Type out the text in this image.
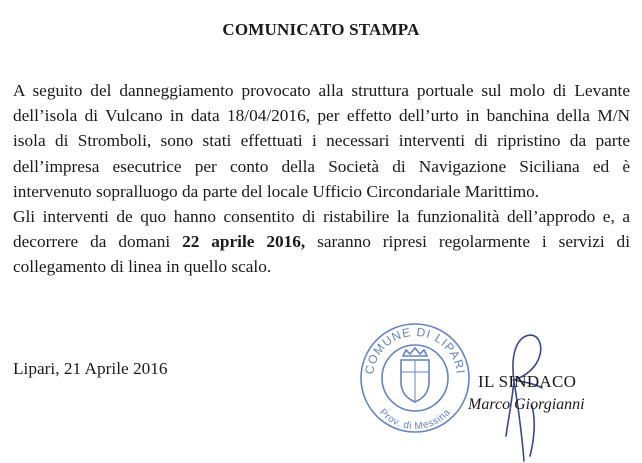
COMUNICATO STAMPA
A seguito del danneggiamento provocato alla struttura portuale sul molo di Levante
dell’isola di Vulcano in data 18/04/2016, per effetto dell’urto in banchina della M/N
isola di Stromboli, sono stati effettuati i necessari interventi di ripristino da parte
dell’impresa esecutrice per conto della Società di Navigazione Siciliana ed è
intervenuto sopralluogo da parte del locale Ufficio Circondariale Marittimo.
Gli interventi de quo hanno consentito di ristabilire la funzionalità dell’approdo e, a
decorrere da domani 22 aprile 2016, saranno ripresi regolarmente i servizi di
collegamento di linea in quello scalo.
Lipari, 21 Aprile 2016	COMUNE DI LIPARI
Prov. di Messina
IL SINDACO
Marco Giorgianni
